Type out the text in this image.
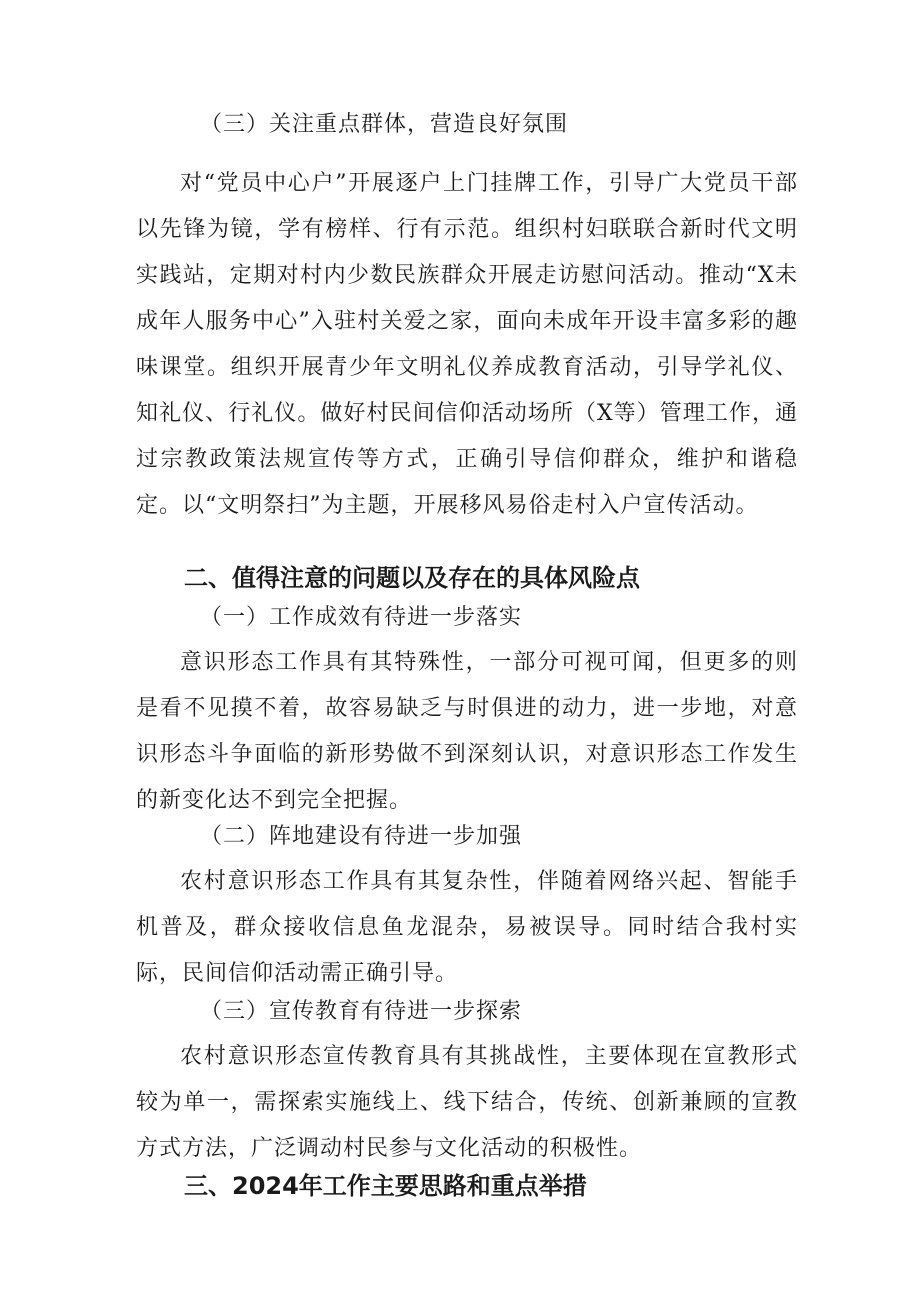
（三）关注重点群体，营造良好氛围

对“党员中心户”开展逐户上门挂牌工作，引导广大党员干部以先锋为镜，学有榜样、行有示范。组织村妇联联合新时代文明实践站，定期对村内少数民族群众开展走访慰问活动。推动“X未成年人服务中心”入驻村关爱之家，面向未成年开设丰富多彩的趣味课堂。组织开展青少年文明礼仪养成教育活动，引导学礼仪、知礼仪、行礼仪。做好村民间信仰活动场所（X等）管理工作，通过宗教政策法规宣传等方式，正确引导信仰群众，维护和谐稳定。以“文明祭扫”为主题，开展移风易俗走村入户宣传活动。

二、值得注意的问题以及存在的具体风险点
（一）工作成效有待进一步落实

意识形态工作具有其特殊性，一部分可视可闻，但更多的则是看不见摸不着，故容易缺乏与时俱进的动力，进一步地，对意识形态斗争面临的新形势做不到深刻认识，对意识形态工作发生的新变化达不到完全把握。

（二）阵地建设有待进一步加强

农村意识形态工作具有其复杂性，伴随着网络兴起、智能手机普及，群众接收信息鱼龙混杂，易被误导。同时结合我村实际，民间信仰活动需正确引导。

（三）宣传教育有待进一步探索

农村意识形态宣传教育具有其挑战性，主要体现在宣教形式较为单一，需探索实施线上、线下结合，传统、创新兼顾的宣教方式方法，广泛调动村民参与文化活动的积极性。

三、2024年工作主要思路和重点举措
